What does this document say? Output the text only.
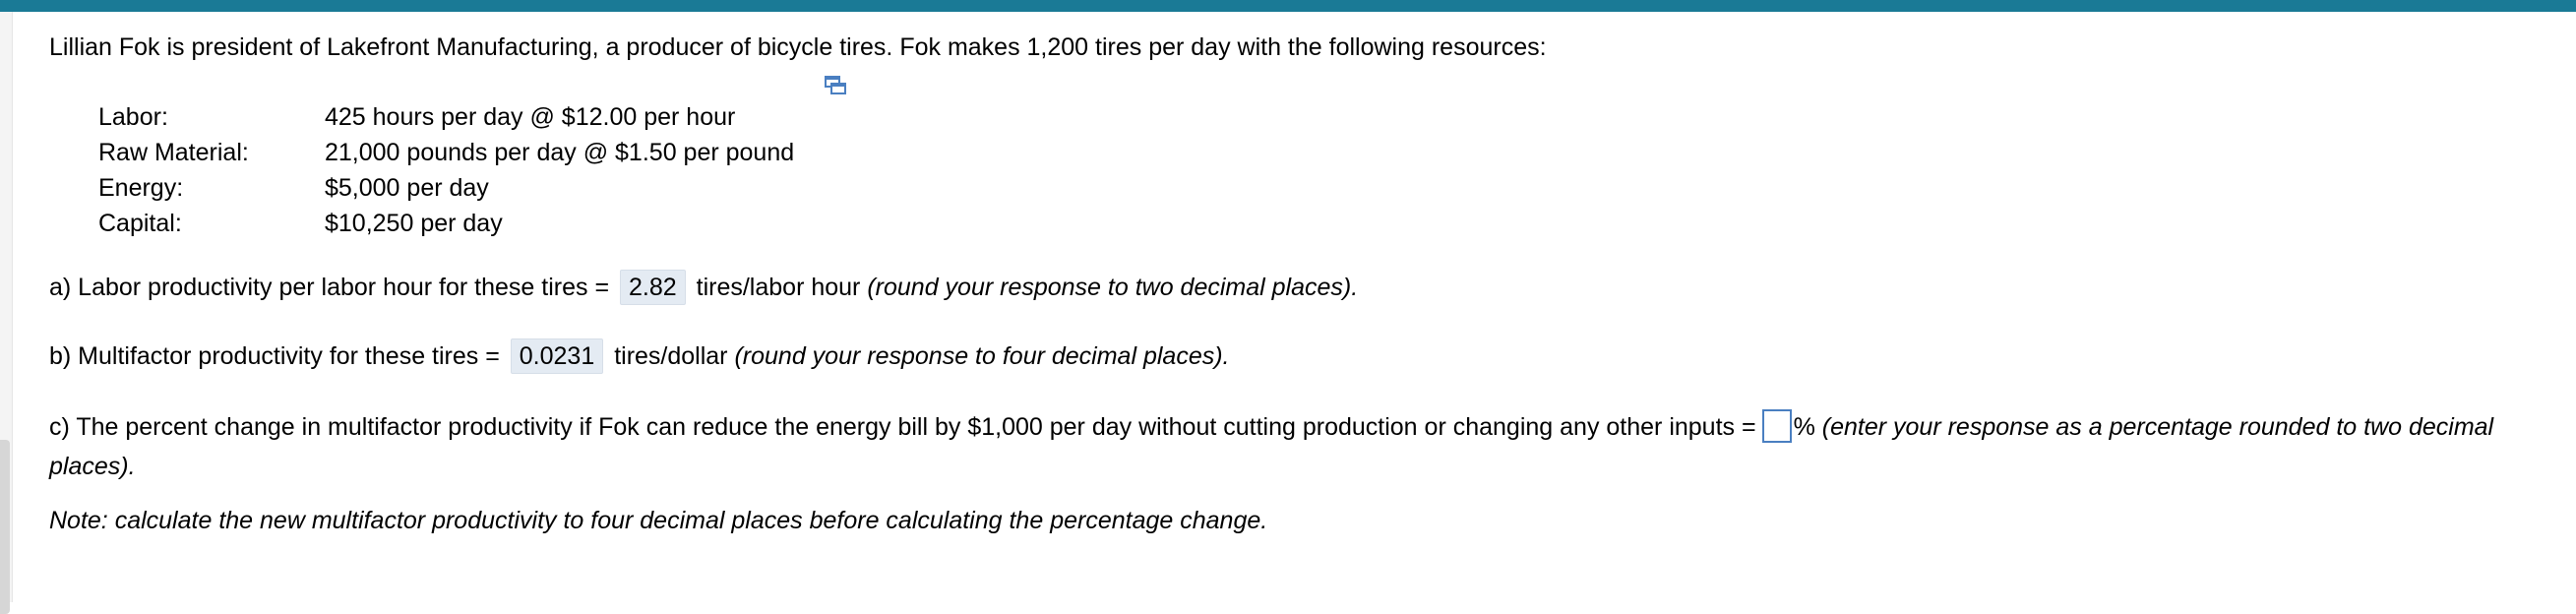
Lillian Fok is president of Lakefront Manufacturing, a producer of bicycle tires. Fok makes 1,200 tires per day with the following resources:
Labor:	425 hours per day @ $12.00 per hour
Raw Material:	21,000 pounds per day @ $1.50 per pound
Energy:	$5,000 per day
Capital:	$10,250 per day
a) Labor productivity per labor hour for these tires = 2.82 tires/labor hour (round your response to two decimal places).
b) Multifactor productivity for these tires = 0.0231 tires/dollar (round your response to four decimal places).
c) The percent change in multifactor productivity if Fok can reduce the energy bill by $1,000 per day without cutting production or changing any other inputs = % (enter your response as a percentage rounded to two decimal places).
Note: calculate the new multifactor productivity to four decimal places before calculating the percentage change.
